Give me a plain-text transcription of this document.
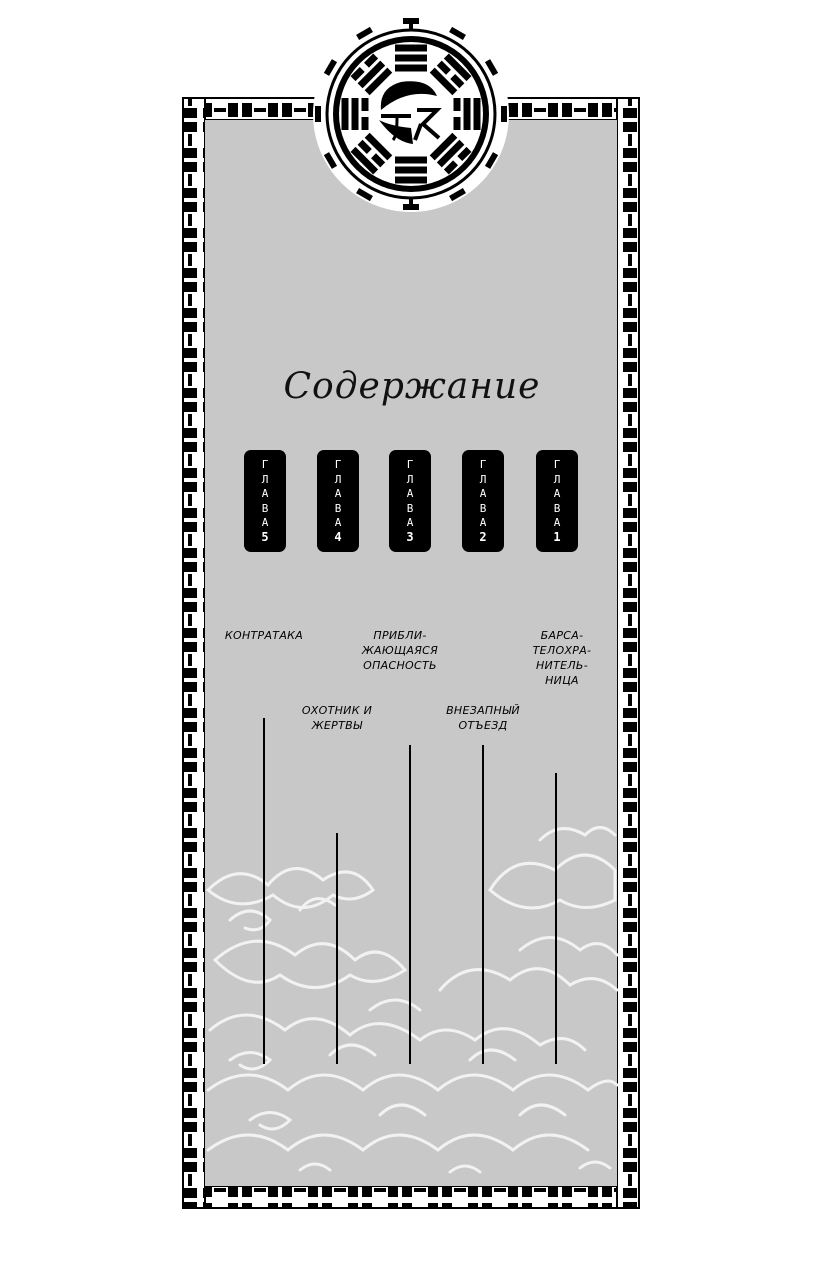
Содержание
Г
Л
А
В
А
5
Г
Л
А
В
А
4
Г
Л
А
В
А
3
Г
Л
А
В
А
2
Г
Л
А
В
А
1
КОНТРАТАКА
ОХОТНИК И
ЖЕРТВЫ
ПРИБЛИ-
ЖАЮЩАЯСЯ
ОПАСНОСТЬ
ВНЕЗАПНЫЙ
ОТЪЕЗД
БАРСА-
ТЕЛОХРА-
НИТЕЛЬ-
НИЦА
